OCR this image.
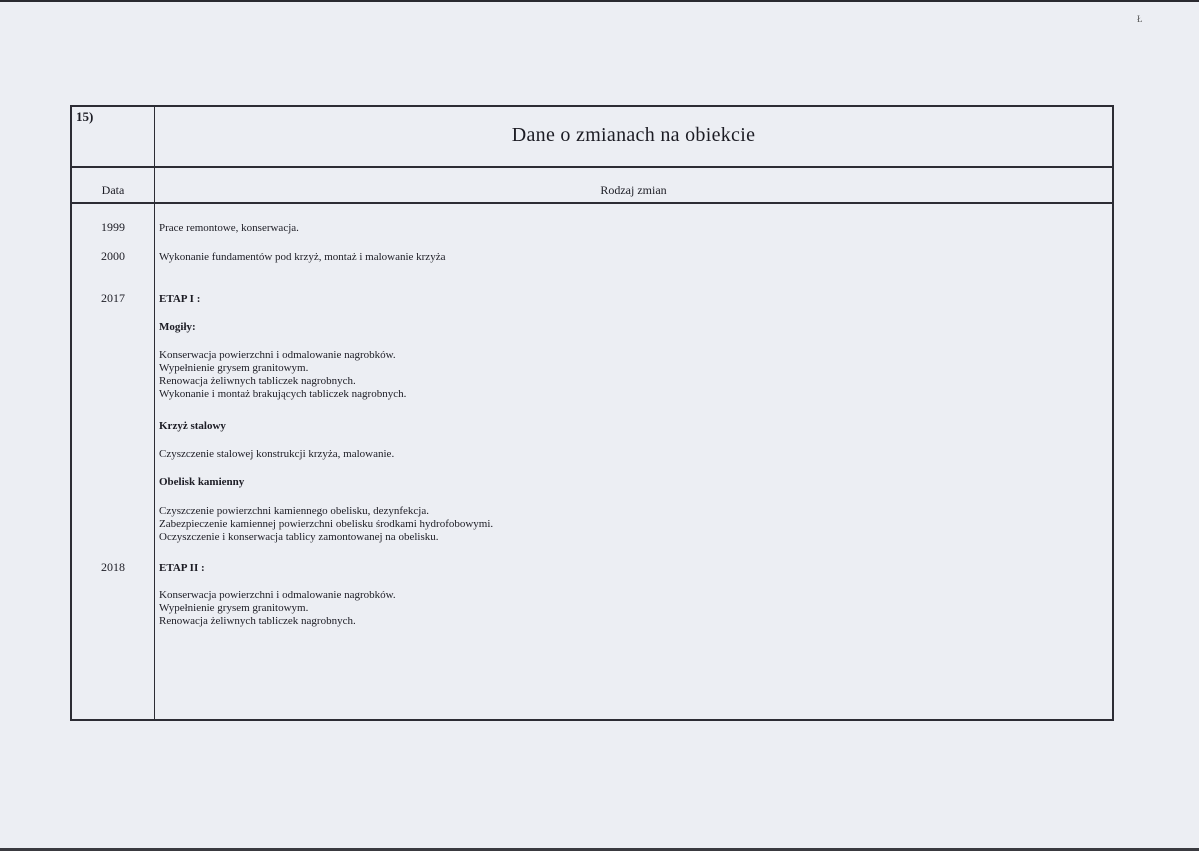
Ł
15)
Dane o zmianach na obiekcie
Data	Rodzaj zmian
1999	Prace remontowe, konserwacja.
2000	Wykonanie fundamentów pod krzyż, montaż i malowanie krzyża
2017	ETAP I :
Mogiły:
Konserwacja powierzchni i odmalowanie nagrobków.
Wypełnienie grysem granitowym.
Renowacja żeliwnych tabliczek nagrobnych.
Wykonanie i montaż brakujących tabliczek nagrobnych.
Krzyż stalowy
Czyszczenie stalowej konstrukcji krzyża, malowanie.
Obelisk kamienny
Czyszczenie powierzchni kamiennego obelisku, dezynfekcja.
Zabezpieczenie kamiennej powierzchni obelisku środkami hydrofobowymi.
Oczyszczenie i konserwacja tablicy zamontowanej na obelisku.
2018	ETAP II :
Konserwacja powierzchni i odmalowanie nagrobków.
Wypełnienie grysem granitowym.
Renowacja żeliwnych tabliczek nagrobnych.
